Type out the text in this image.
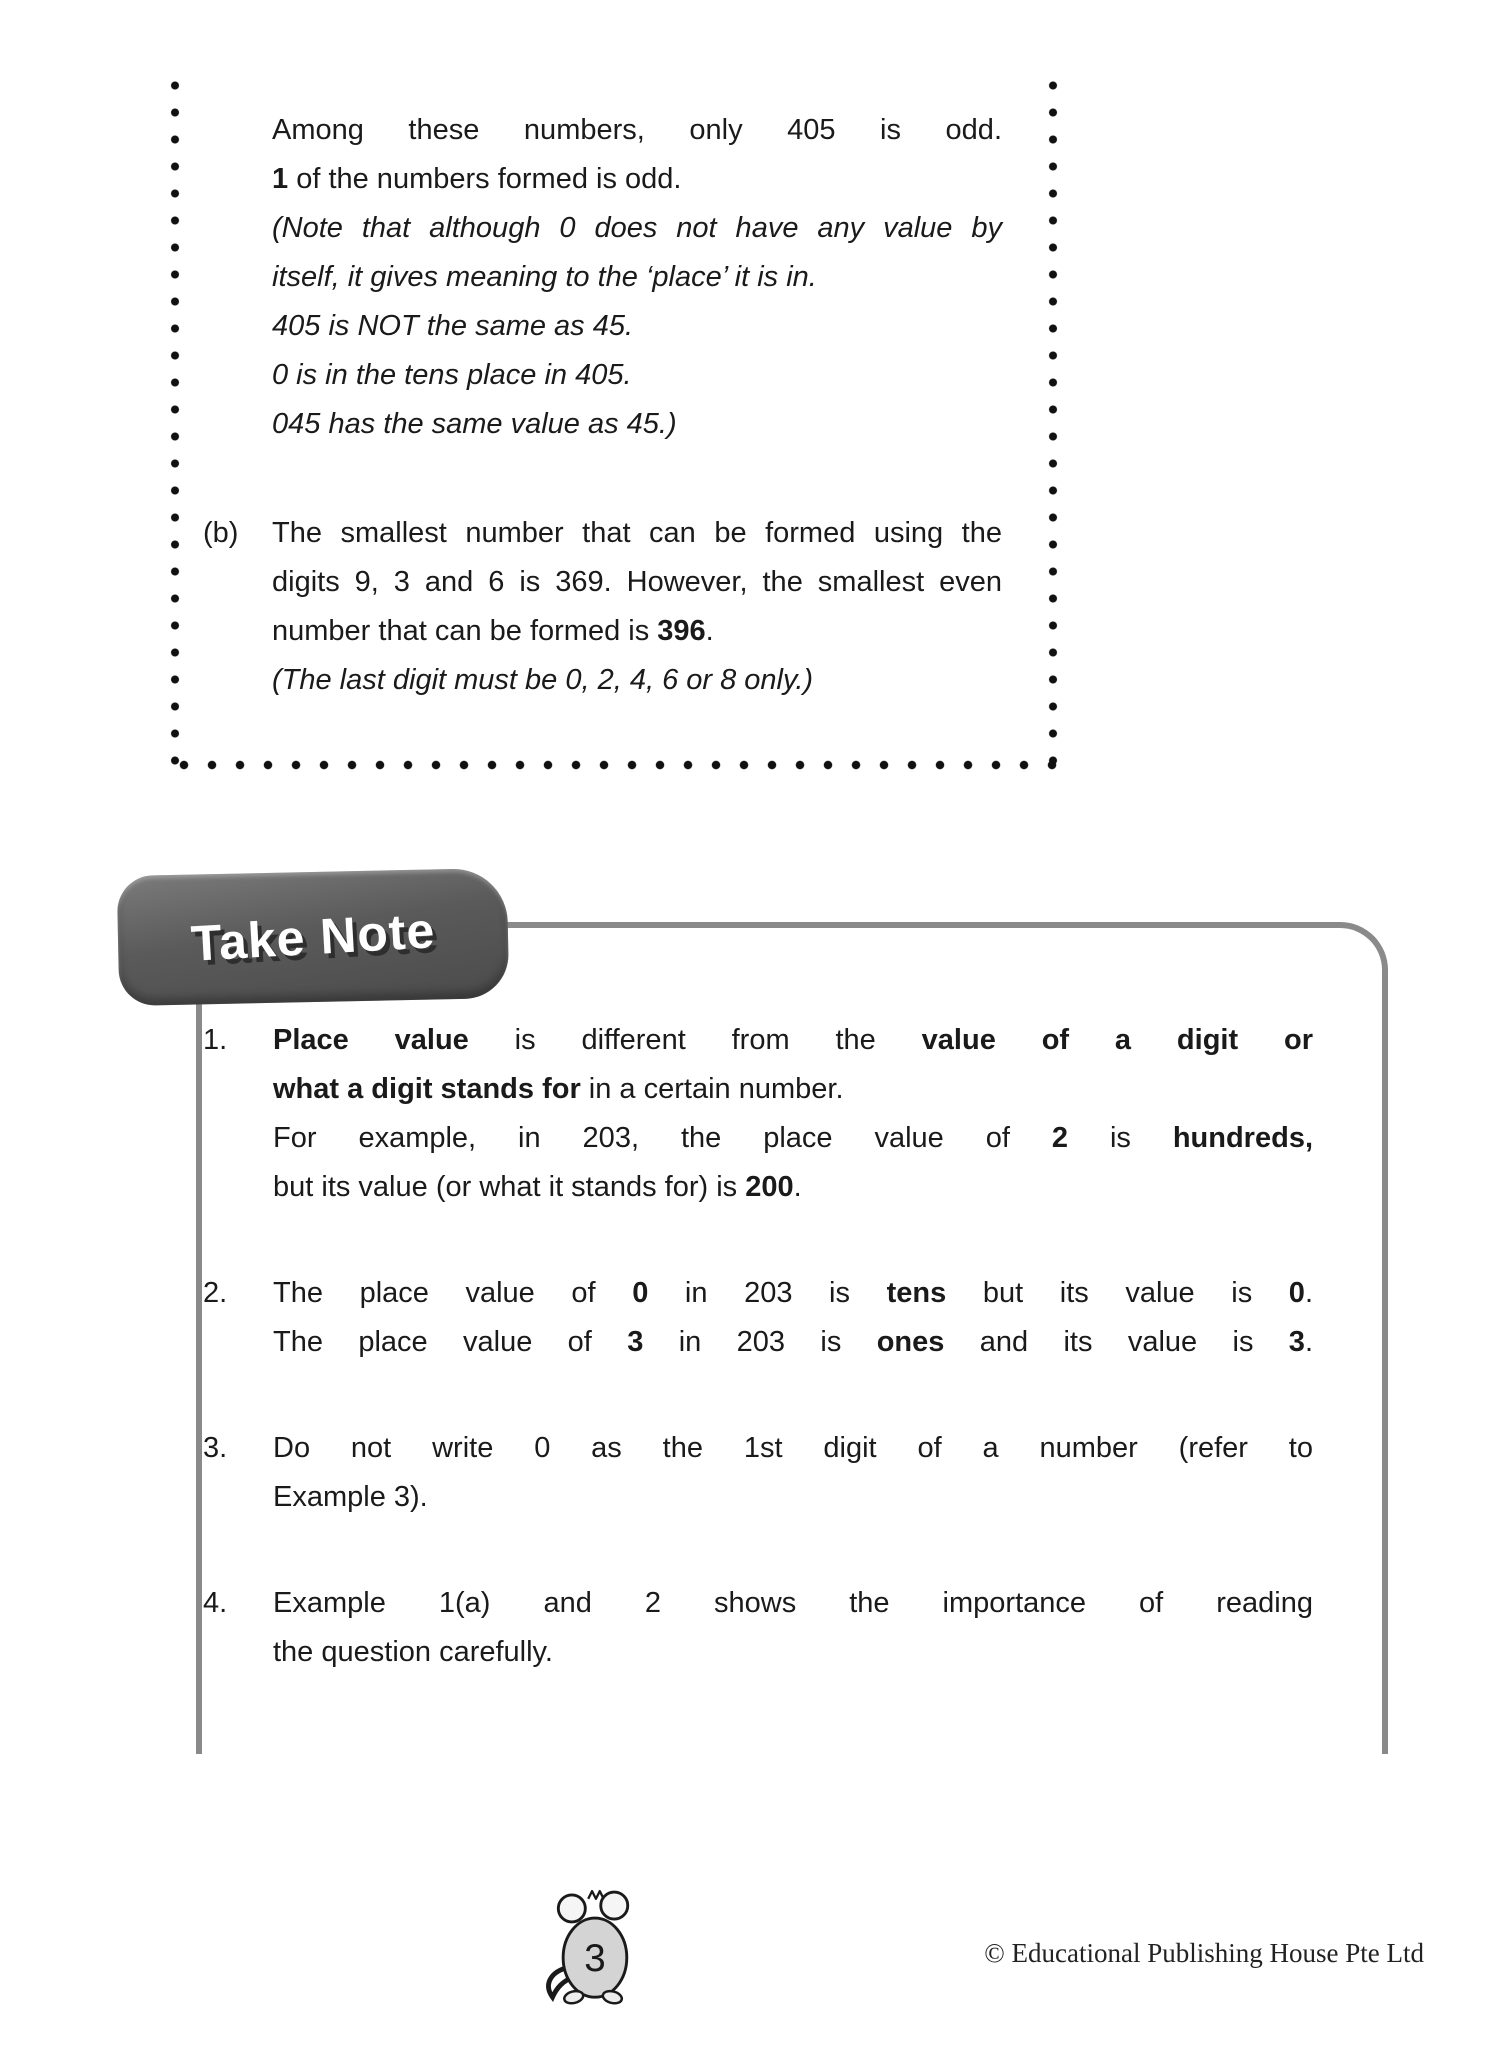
Among these numbers, only 405 is odd.
1 of the numbers formed is odd.
(Note that although 0 does not have any value by
itself, it gives meaning to the ‘place’ it is in.
405 is NOT the same as 45.
0 is in the tens place in 405.
045 has the same value as 45.)
(b)	The smallest number that can be formed using the
digits 9, 3 and 6 is 369. However, the smallest even
number that can be formed is 396.
(The last digit must be 0, 2, 4, 6 or 8 only.)
Take Note
1.	Place value is different from the value of a digit or
what a digit stands for in a certain number.
For example, in 203, the place value of 2 is hundreds,
but its value (or what it stands for) is 200.
2.	The place value of 0 in 203 is tens but its value is 0.
The place value of 3 in 203 is ones and its value is 3.
3.	Do not write 0 as the 1st digit of a number (refer to
Example 3).
4.	Example 1(a) and 2 shows the importance of reading
the question carefully.
3	© Educational Publishing House Pte Ltd
